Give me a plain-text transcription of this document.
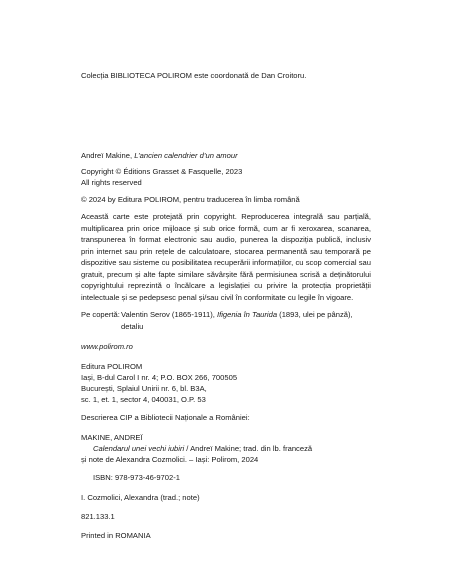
Colecția BIBLIOTECA POLIROM este coordonată de Dan Croitoru.
Andreï Makine, L’ancien calendrier d’un amour
Copyright © Éditions Grasset & Fasquelle, 2023
All rights reserved
© 2024 by Editura POLIROM, pentru traducerea în limba română
Această carte este protejată prin copyright. Reproducerea integrală sau parțială, multiplicarea prin orice mijloace și sub orice formă, cum ar fi xeroxarea, scanarea, transpunerea în format electronic sau audio, punerea la dispoziția publică, inclusiv prin internet sau prin rețele de calculatoare, stocarea permanentă sau temporară pe dispozitive sau sisteme cu posibilitatea recuperării informațiilor, cu scop comercial sau gratuit, precum și alte fapte similare săvârșite fără permisiunea scrisă a deținătorului copyrightului reprezintă o încălcare a legislației cu privire la protecția proprietății intelectuale și se pedepsesc penal și/sau civil în conformitate cu legile în vigoare.
Pe copertă: Valentin Serov (1865-1911), Ifigenia în Taurida (1893, ulei pe pânză), detaliu
www.polirom.ro
Editura POLIROM
Iași, B-dul Carol I nr. 4; P.O. BOX 266, 700505
București, Splaiul Unirii nr. 6, bl. B3A,
sc. 1, et. 1, sector 4, 040031, O.P. 53
Descrierea CIP a Bibliotecii Naționale a României:
MAKINE, ANDREÏ
Calendarul unei vechi iubiri / Andreï Makine; trad. din lb. franceză
și note de Alexandra Cozmolici. – Iași: Polirom, 2024
ISBN: 978-973-46-9702-1
I. Cozmolici, Alexandra (trad.; note)
821.133.1
Printed in ROMANIA
